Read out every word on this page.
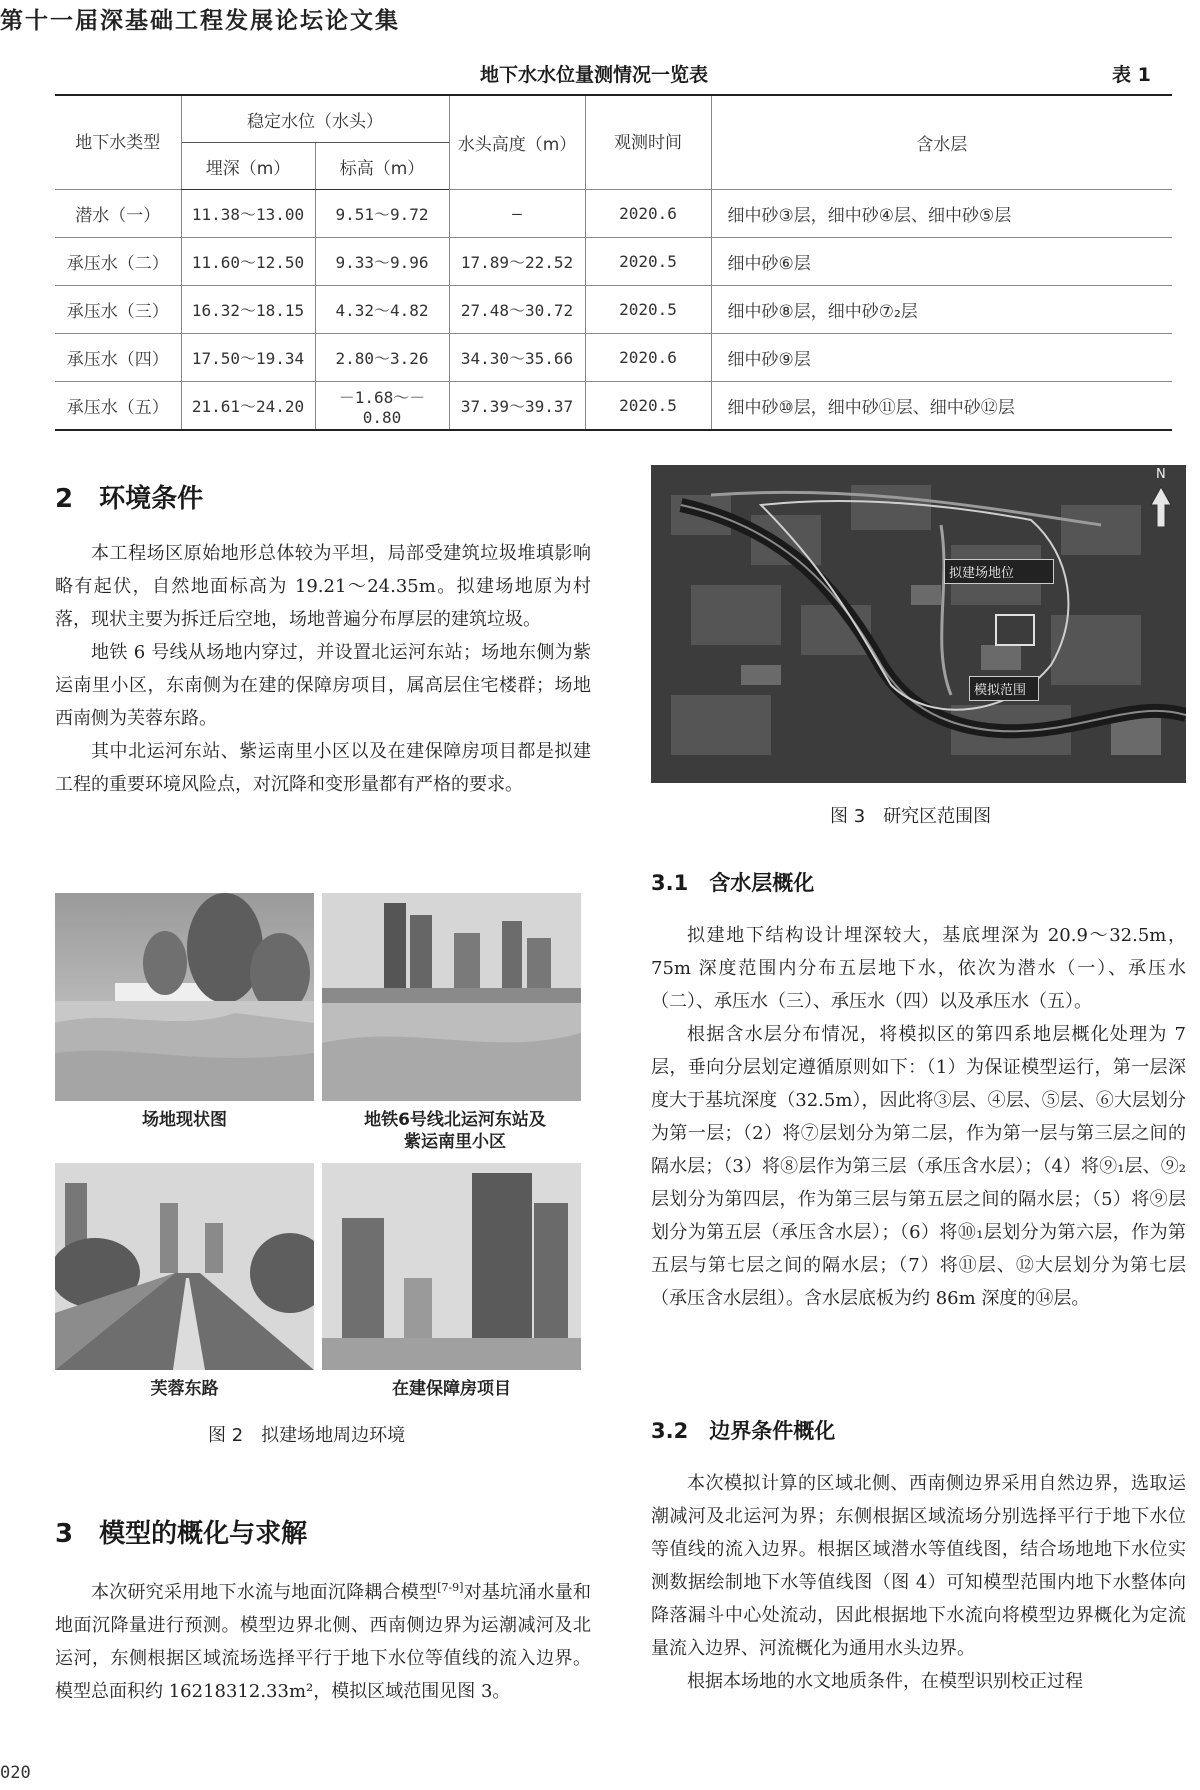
第十一届深基础工程发展论坛论文集
地下水水位量测情况一览表	表 1
地下水类型	稳定水位（水头）		水头高度（m）	观测时间	含水层
	埋深（m）	标高（m）			
潜水（一）	11.38～13.00	9.51～9.72	—	2020.6	细中砂③层，细中砂④层、细中砂⑤层
承压水（二）	11.60～12.50	9.33～9.96	17.89～22.52	2020.5	细中砂⑥层
承压水（三）	16.32～18.15	4.32～4.82	27.48～30.72	2020.5	细中砂⑧层，细中砂⑦₂层
承压水（四）	17.50～19.34	2.80～3.26	34.30～35.66	2020.6	细中砂⑨层
承压水（五）	21.61～24.20	－1.68～－0.80	37.39～39.37	2020.5	细中砂⑩层，细中砂⑪层、细中砂⑫层
2　环境条件

本工程场区原始地形总体较为平坦，局部受建筑垃圾堆填影响略有起伏，自然地面标高为 19.21～24.35m。拟建场地原为村落，现状主要为拆迁后空地，场地普遍分布厚层的建筑垃圾。

地铁 6 号线从场地内穿过，并设置北运河东站；场地东侧为紫运南里小区，东南侧为在建的保障房项目，属高层住宅楼群；场地西南侧为芙蓉东路。

其中北运河东站、紫运南里小区以及在建保障房项目都是拟建工程的重要环境风险点，对沉降和变形量都有严格的要求。

场地现状图	地铁6号线北运河东站及紫运南里小区
芙蓉东路	在建保障房项目
图 2　拟建场地周边环境
3　模型的概化与求解

本次研究采用地下水流与地面沉降耦合模型[7-9]对基坑涌水量和地面沉降量进行预测。模型边界北侧、西南侧边界为运潮减河及北运河，东侧根据区域流场选择平行于地下水位等值线的流入边界。模型总面积约 16218312.33m²，模拟区域范围见图 3。

拟建场地位
模拟范围
N
图 3　研究区范围图
3.1　含水层概化

拟建地下结构设计埋深较大，基底埋深为 20.9～32.5m，75m 深度范围内分布五层地下水，依次为潜水（一）、承压水（二）、承压水（三）、承压水（四）以及承压水（五）。

根据含水层分布情况，将模拟区的第四系地层概化处理为 7 层，垂向分层划定遵循原则如下：（1）为保证模型运行，第一层深度大于基坑深度（32.5m），因此将③层、④层、⑤层、⑥大层划分为第一层；（2）将⑦层划分为第二层，作为第一层与第三层之间的隔水层；（3）将⑧层作为第三层（承压含水层）；（4）将⑨₁层、⑨₂层划分为第四层，作为第三层与第五层之间的隔水层；（5）将⑨层划分为第五层（承压含水层）；（6）将⑩₁层划分为第六层，作为第五层与第七层之间的隔水层；（7）将⑪层、⑫大层划分为第七层（承压含水层组）。含水层底板为约 86m 深度的⑭层。

3.2　边界条件概化

本次模拟计算的区域北侧、西南侧边界采用自然边界，选取运潮减河及北运河为界；东侧根据区域流场分别选择平行于地下水位等值线的流入边界。根据区域潜水等值线图，结合场地地下水位实测数据绘制地下水等值线图（图 4）可知模型范围内地下水整体向降落漏斗中心处流动，因此根据地下水流向将模型边界概化为定流量流入边界、河流概化为通用水头边界。

根据本场地的水文地质条件，在模型识别校正过程

020
